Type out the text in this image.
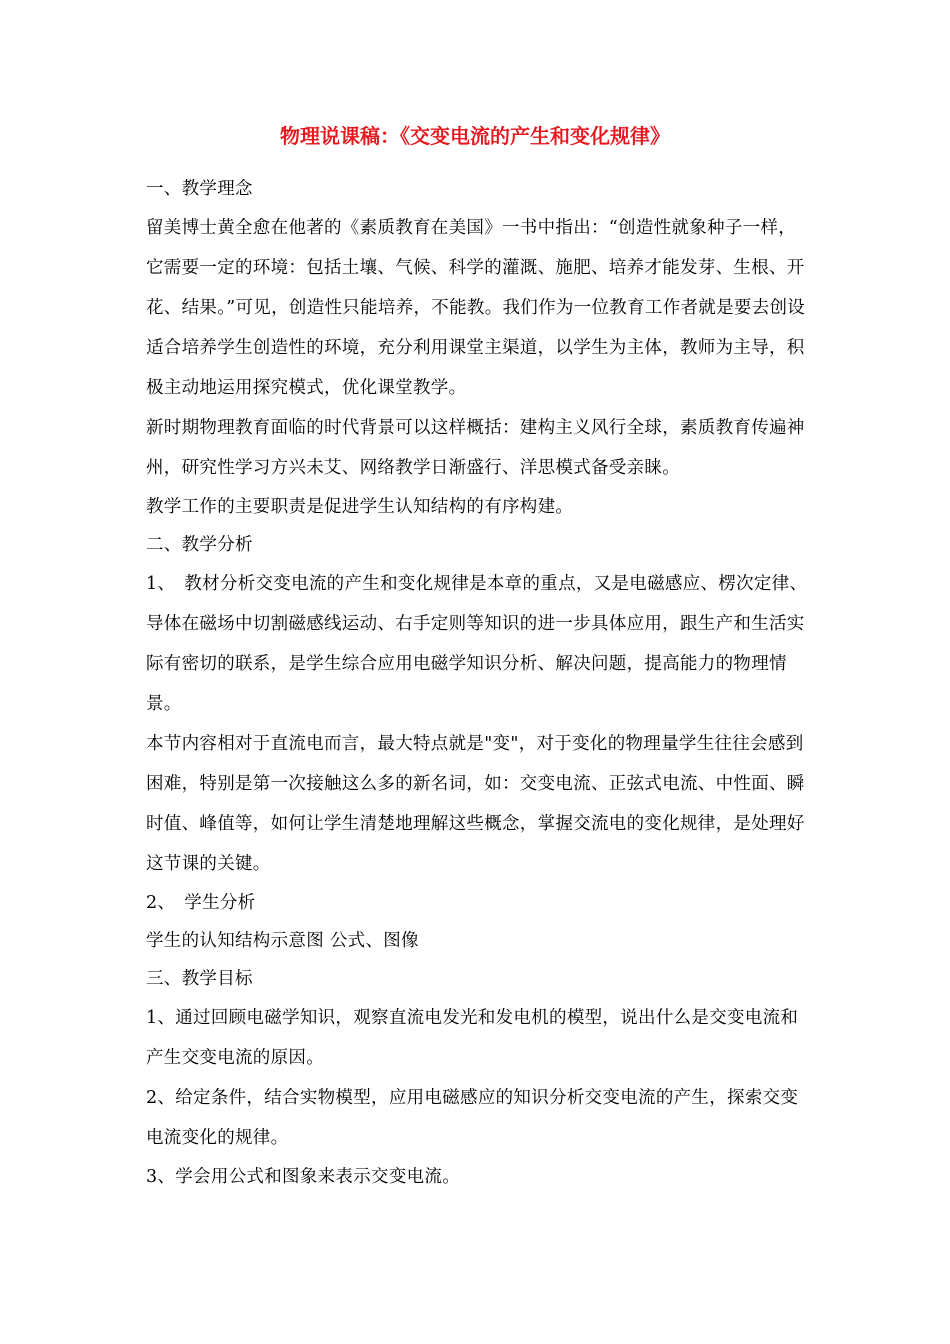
物理说课稿：《交变电流的产生和变化规律》

一、教学理念

留美博士黄全愈在他著的《素质教育在美国》一书中指出：“创造性就象种子一样，它需要一定的环境：包括土壤、气候、科学的灌溉、施肥、培养才能发芽、生根、开花、结果。”可见，创造性只能培养，不能教。我们作为一位教育工作者就是要去创设适合培养学生创造性的环境，充分利用课堂主渠道，以学生为主体，教师为主导，积极主动地运用探究模式，优化课堂教学。

新时期物理教育面临的时代背景可以这样概括：建构主义风行全球，素质教育传遍神州，研究性学习方兴未艾、网络教学日渐盛行、洋思模式备受亲睐。

教学工作的主要职责是促进学生认知结构的有序构建。

二、教学分析

1、　教材分析交变电流的产生和变化规律是本章的重点，又是电磁感应、楞次定律、导体在磁场中切割磁感线运动、右手定则等知识的进一步具体应用，跟生产和生活实际有密切的联系，是学生综合应用电磁学知识分析、解决问题，提高能力的物理情景。

本节内容相对于直流电而言，最大特点就是"变"，对于变化的物理量学生往往会感到困难，特别是第一次接触这么多的新名词，如：交变电流、正弦式电流、中性面、瞬时值、峰值等，如何让学生清楚地理解这些概念，掌握交流电的变化规律，是处理好这节课的关键。

2、　学生分析

学生的认知结构示意图 公式、图像

三、教学目标

1、通过回顾电磁学知识，观察直流电发光和发电机的模型，说出什么是交变电流和产生交变电流的原因。

2、给定条件，结合实物模型，应用电磁感应的知识分析交变电流的产生，探索交变电流变化的规律。

3、学会用公式和图象来表示交变电流。
